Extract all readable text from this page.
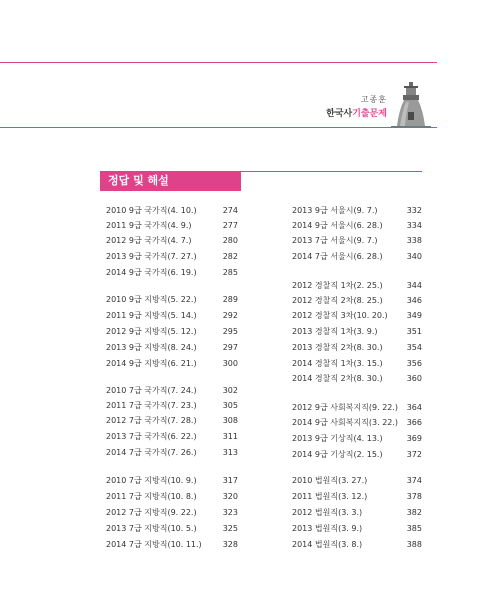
고종훈
한국사기출문제
정답 및 해설
2010 9급 국가직(4. 10.)	274
2011 9급 국가직(4. 9.)	277
2012 9급 국가직(4. 7.)	280
2013 9급 국가직(7. 27.)	282
2014 9급 국가직(6. 19.)	285
2010 9급 지방직(5. 22.)	289
2011 9급 지방직(5. 14.)	292
2012 9급 지방직(5. 12.)	295
2013 9급 지방직(8. 24.)	297
2014 9급 지방직(6. 21.)	300
2010 7급 국가직(7. 24.)	302
2011 7급 국가직(7. 23.)	305
2012 7급 국가직(7. 28.)	308
2013 7급 국가직(6. 22.)	311
2014 7급 국가직(7. 26.)	313
2010 7급 지방직(10. 9.)	317
2011 7급 지방직(10. 8.)	320
2012 7급 지방직(9. 22.)	323
2013 7급 지방직(10. 5.)	325
2014 7급 지방직(10. 11.)	328
2013 9급 서울시(9. 7.)	332
2014 9급 서울시(6. 28.)	334
2013 7급 서울시(9. 7.)	338
2014 7급 서울시(6. 28.)	340
2012 경찰직 1차(2. 25.)	344
2012 경찰직 2차(8. 25.)	346
2012 경찰직 3차(10. 20.) 349
2013 경찰직 1차(3. 9.)	351
2013 경찰직 2차(8. 30.)	354
2014 경찰직 1차(3. 15.)	356
2014 경찰직 2차(8. 30.)	360
2012 9급 사회복지직(9. 22.) 364
2014 9급 사회복지직(3. 22.) 366
2013 9급 기상직(4. 13.)	369
2014 9급 기상직(2. 15.)	372
2010 법원직(3. 27.)	374
2011 법원직(3. 12.)	378
2012 법원직(3. 3.)	382
2013 법원직(3. 9.)	385
2014 법원직(3. 8.)	388
